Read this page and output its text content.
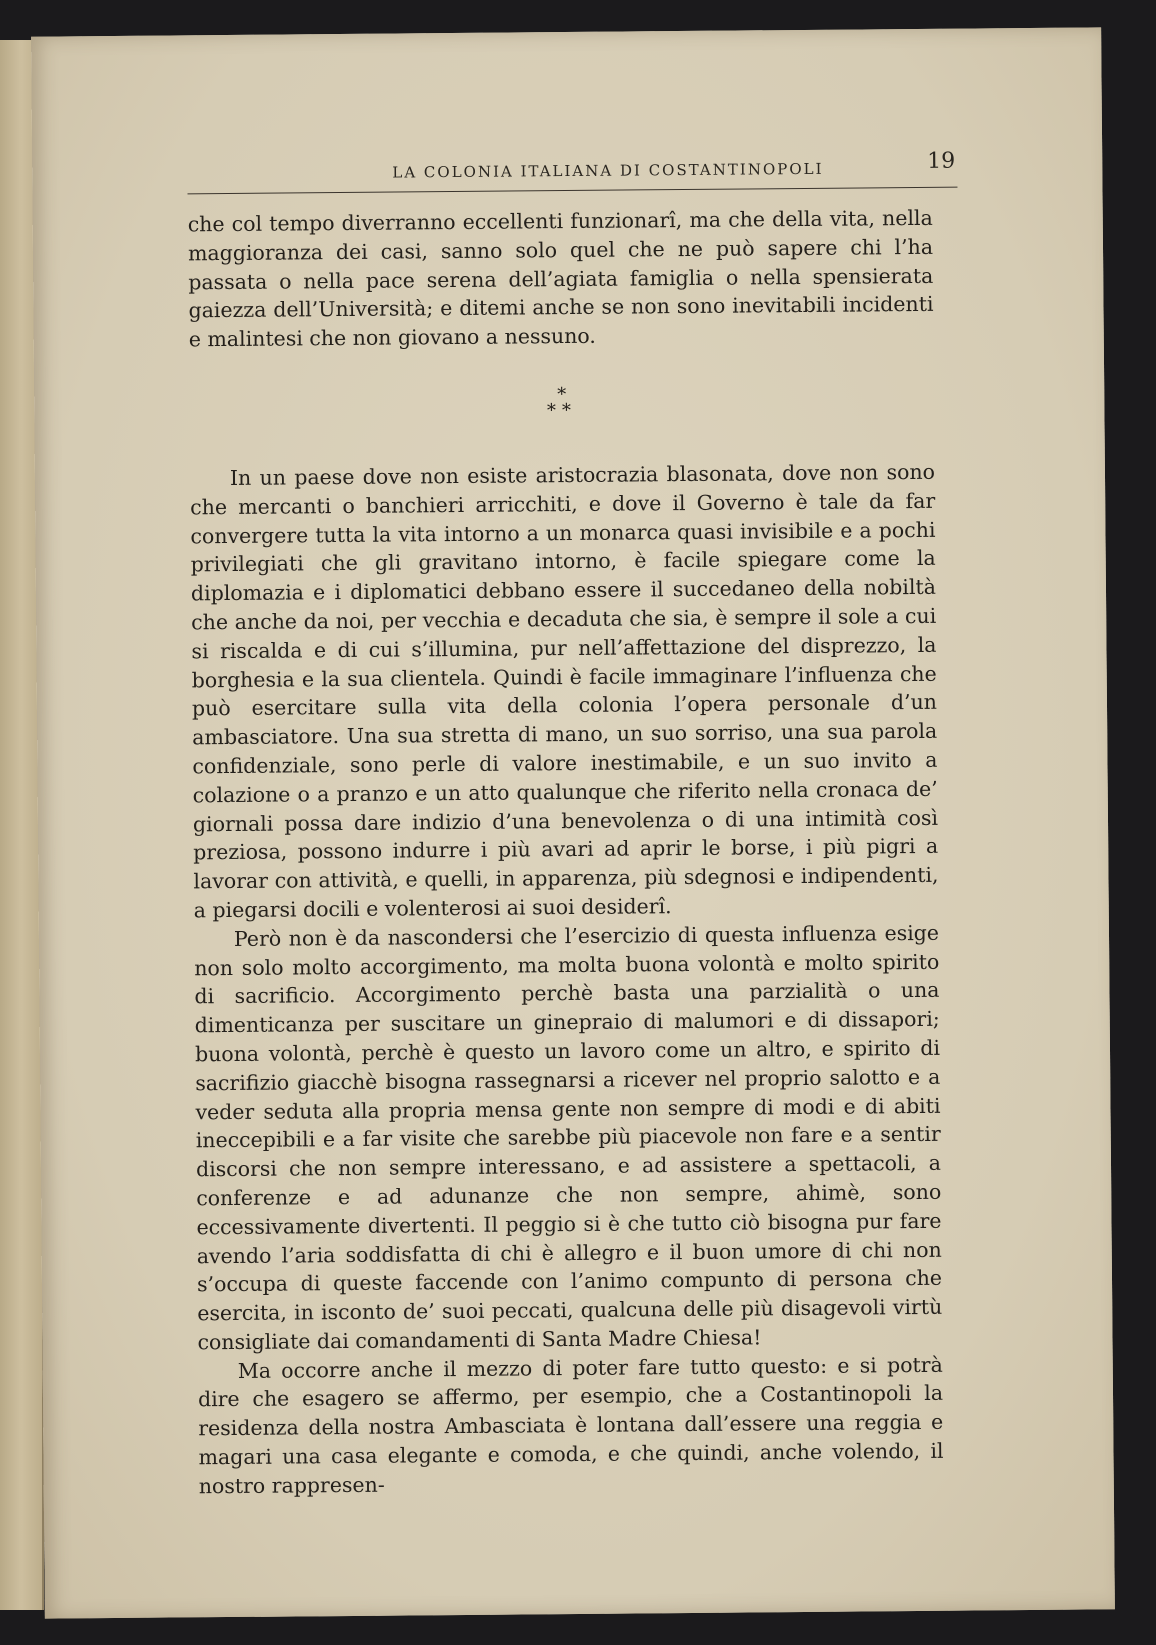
LA COLONIA ITALIANA DI COSTANTINOPOLI	19

che col tempo diverranno eccellenti funzionarî, ma che della vita, nella maggioranza dei casi, sanno solo quel che ne può sapere chi l’ha passata o nella pace serena dell’agiata famiglia o nella spensierata gaiezza dell’Università; e ditemi anche se non sono inevitabili incidenti e malintesi che non giovano a nessuno.

*
**

In un paese dove non esiste aristocrazia blasonata, dove non sono che mercanti o banchieri arricchiti, e dove il Governo è tale da far convergere tutta la vita intorno a un monarca quasi invisibile e a pochi privilegiati che gli gravitano intorno, è facile spiegare come la diplomazia e i diplomatici debbano essere il succedaneo della nobiltà che anche da noi, per vecchia e decaduta che sia, è sempre il sole a cui si riscalda e di cui s’illumina, pur nell’affettazione del disprezzo, la borghesia e la sua clientela. Quindi è facile immaginare l’influenza che può esercitare sulla vita della colonia l’opera personale d’un ambasciatore. Una sua stretta di mano, un suo sorriso, una sua parola confidenziale, sono perle di valore inestimabile, e un suo invito a colazione o a pranzo e un atto qualunque che riferito nella cronaca de’ giornali possa dare indizio d’una benevolenza o di una intimità così preziosa, possono indurre i più avari ad aprir le borse, i più pigri a lavorar con attività, e quelli, in apparenza, più sdegnosi e indipendenti, a piegarsi docili e volenterosi ai suoi desiderî.

Però non è da nascondersi che l’esercizio di questa influenza esige non solo molto accorgimento, ma molta buona volontà e molto spirito di sacrificio. Accorgimento perchè basta una parzialità o una dimenticanza per suscitare un ginepraio di malumori e di dissapori; buona volontà, perchè è questo un lavoro come un altro, e spirito di sacrifizio giacchè bisogna rassegnarsi a ricever nel proprio salotto e a veder seduta alla propria mensa gente non sempre di modi e di abiti ineccepibili e a far visite che sarebbe più piacevole non fare e a sentir discorsi che non sempre interessano, e ad assistere a spettacoli, a conferenze e ad adunanze che non sempre, ahimè, sono eccessivamente divertenti. Il peggio si è che tutto ciò bisogna pur fare avendo l’aria soddisfatta di chi è allegro e il buon umore di chi non s’occupa di queste faccende con l’animo compunto di persona che esercita, in isconto de’ suoi peccati, qualcuna delle più disagevoli virtù consigliate dai comandamenti di Santa Madre Chiesa!

Ma occorre anche il mezzo di poter fare tutto questo: e si potrà dire che esagero se affermo, per esempio, che a Costantinopoli la residenza della nostra Ambasciata è lontana dall’essere una reggia e magari una casa elegante e comoda, e che quindi, anche volendo, il nostro rappresen-
